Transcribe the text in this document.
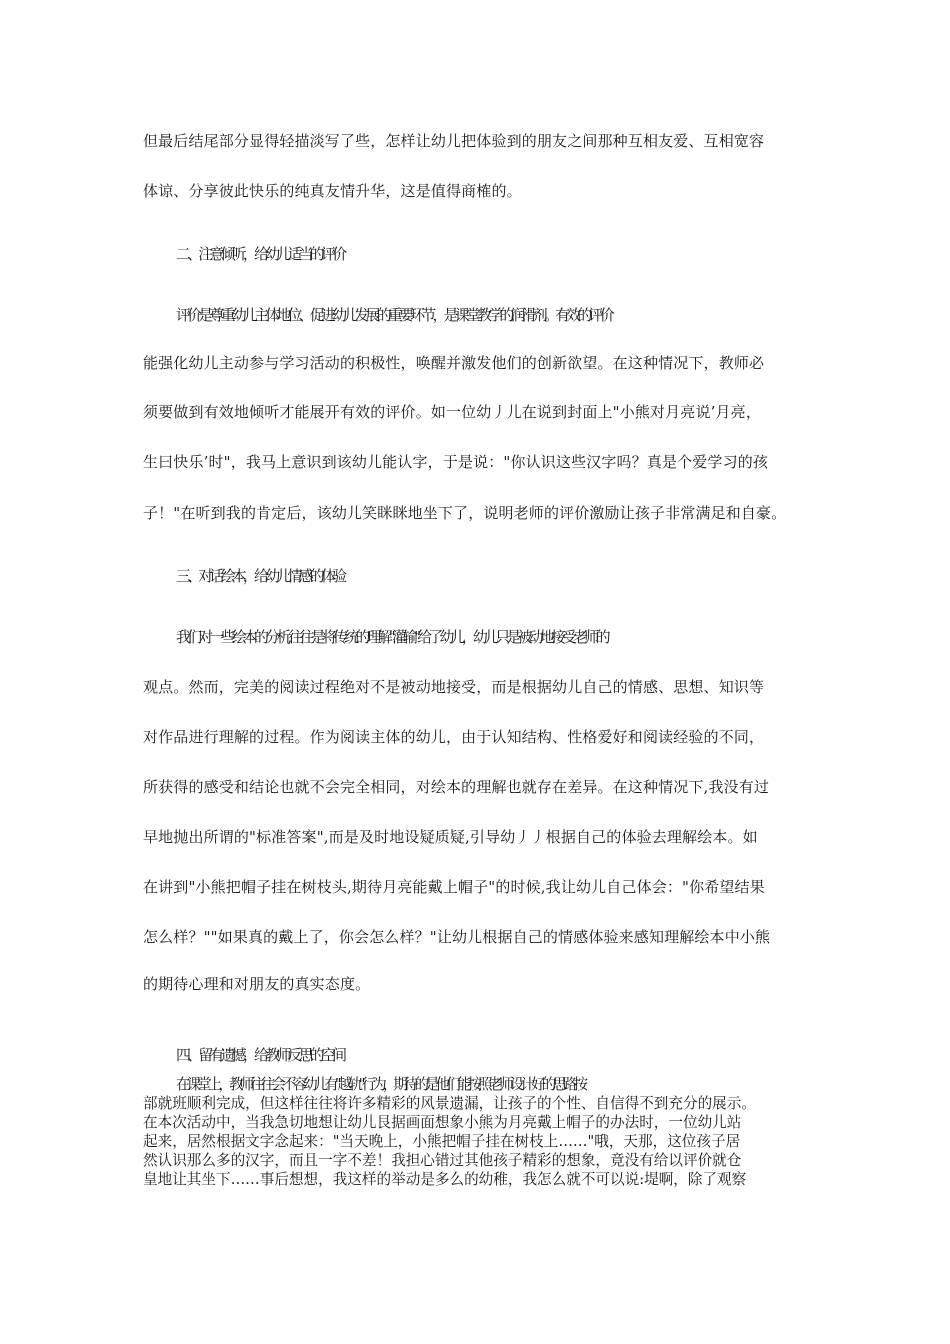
但最后结尾部分显得轻描淡写了些，怎样让幼儿把体验到的朋友之间那种互相友爱、互相宽容
体谅、分享彼此快乐的纯真友情升华，这是值得商榷的。
二、注意倾听，给幼儿适当的评价
评价是尊重幼儿主体地位、促进幼儿发展的重要环节，是课堂教学的润滑剂。有效的评价
能强化幼儿主动参与学习活动的积极性，唤醒并激发他们的创新欲望。在这种情况下，教师必
须要做到有效地倾听才能展开有效的评价。如一位幼丿儿在说到封面上"小熊对月亮说’月亮，
生曰快乐’时"，我马上意识到该幼儿能认字，于是说："你认识这些汉字吗？真是个爱学习的孩
子！"在听到我的肯定后，该幼儿笑眯眯地坐下了，说明老师的评价激励让孩子非常满足和自豪。
三、对话绘本，给幼儿情感的体验
我们对一些绘本的分析,往往是将传统的理解"灌输"给了幼儿，幼儿只是被动地接受老师的
观点。然而，完美的阅读过程绝对不是被动地接受，而是根据幼儿自己的情感、思想、知识等
对作品进行理解的过程。作为阅读主体的幼儿，由于认知结构、性格爱好和阅读经验的不同，
所获得的感受和结论也就不会完全相同，对绘本的理解也就存在差异。在这种情况下,我没有过
早地抛出所谓的"标准答案",而是及时地设疑质疑,引导幼丿丿根据自己的体验去理解绘本。如
在讲到"小熊把帽子挂在树枝头,期待月亮能戴上帽子"的时候,我让幼儿自己体会："你希望结果
怎么样？""如果真的戴上了，你会怎么样？"让幼儿根据自己的情感体验来感知理解绘本中小熊
的期待心理和对朋友的真实态度。
四、留有遗憾，给教师反思的空间
在课堂上，教师往往会不容幼儿有"越轨"行为，期待的是他们能按照老师设计好的思路按
部就班顺利完成，但这样往往将许多精彩的风景遗漏，让孩子的个性、自信得不到充分的展示。
在本次活动中，当我急切地想让幼儿艮据画面想象小熊为月亮戴上帽子的办法时，一位幼儿站
起来，居然根据文字念起来："当天晚上，小熊把帽子挂在树枝上……"哦，天那，这位孩子居
然认识那么多的汉字，而且一字不差！我担心错过其他孩子精彩的想象，竟没有给以评价就仓
皇地让其坐下……事后想想，我这样的举动是多么的幼稚，我怎么就不可以说:堤啊，除了观察
